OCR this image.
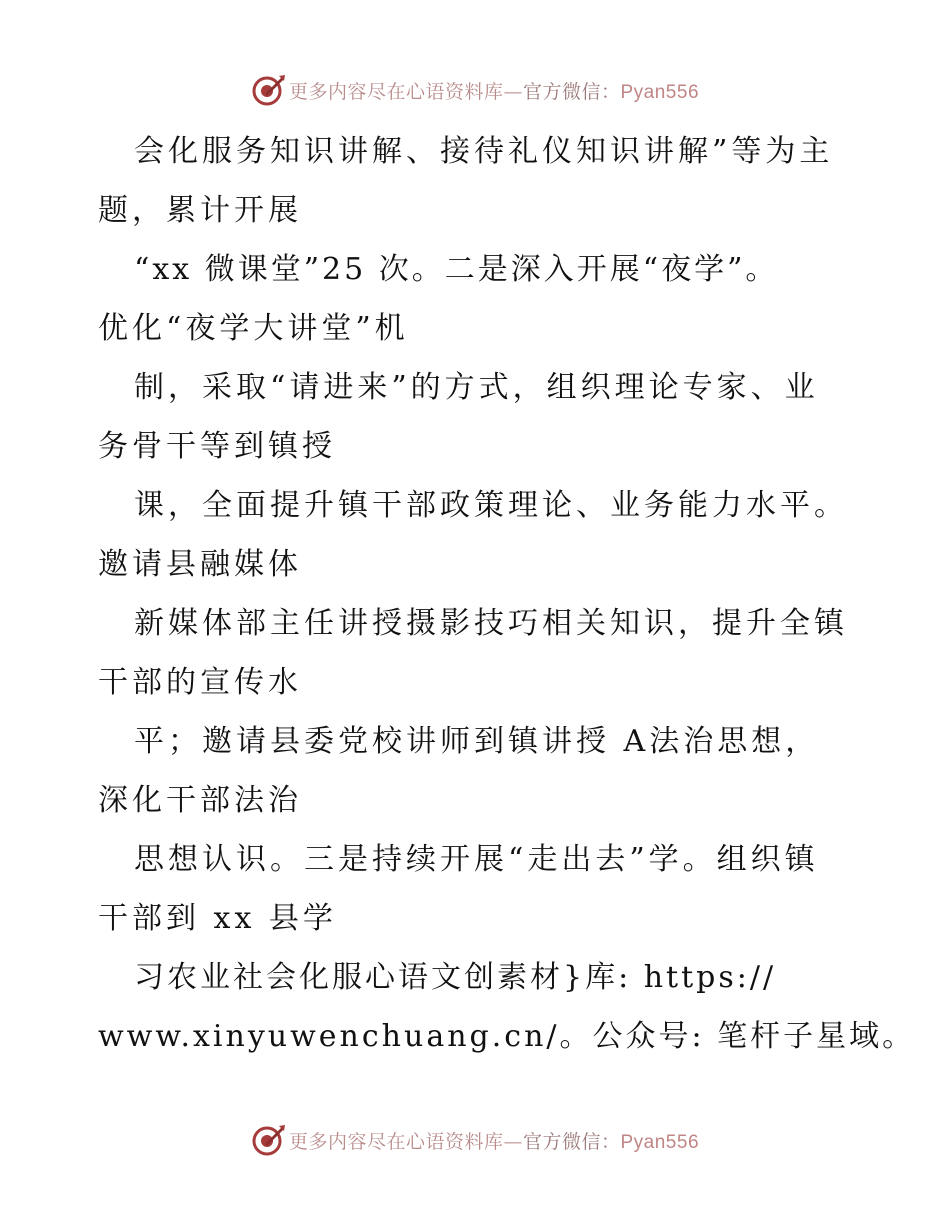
更多内容尽在心语资料库—官方微信：Pyan556
会化服务知识讲解、接待礼仪知识讲解”等为主
题，累计开展
“xx 微课堂”25 次。二是深入开展“夜学”。
优化“夜学大讲堂”机
制，采取“请进来”的方式，组织理论专家、业
务骨干等到镇授
课，全面提升镇干部政策理论、业务能力水平。
邀请县融媒体
新媒体部主任讲授摄影技巧相关知识，提升全镇
干部的宣传水
平；邀请县委党校讲师到镇讲授 A法治思想，
深化干部法治
思想认识。三是持续开展“走出去”学。组织镇
干部到 xx 县学
习农业社会化服心语文创素材}库: https://
www.xinyuwenchuang.cn/。公众号: 笔杆子星域。
更多内容尽在心语资料库—官方微信：Pyan556
